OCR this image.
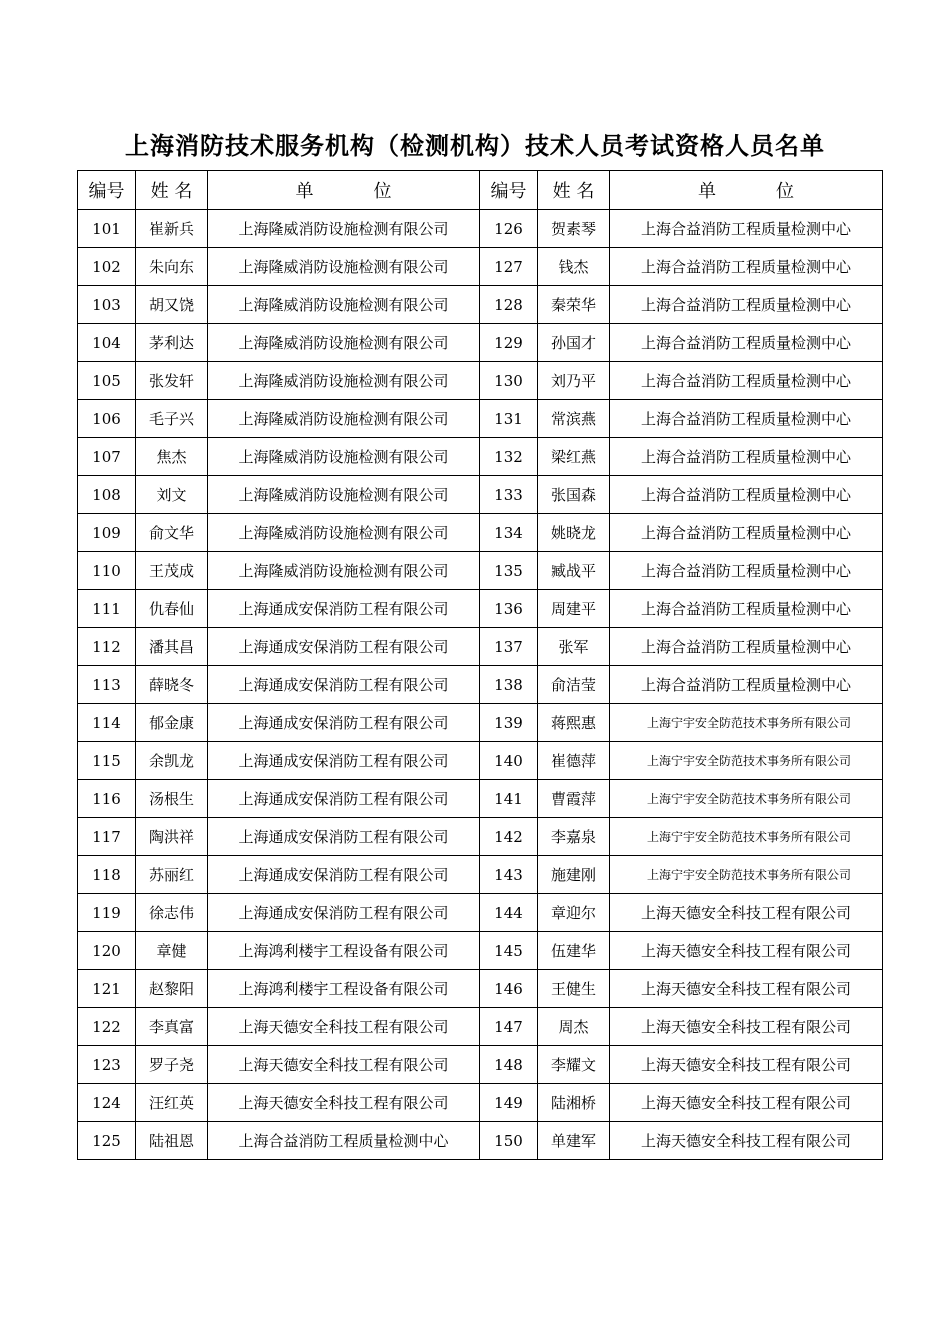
上海消防技术服务机构（检测机构）技术人员考试资格人员名单
编号	姓 名	单 位	编号	姓 名	单 位
101	崔新兵	上海隆威消防设施检测有限公司	126	贺素琴	上海合益消防工程质量检测中心
102	朱向东	上海隆威消防设施检测有限公司	127	钱杰	上海合益消防工程质量检测中心
103	胡又饶	上海隆威消防设施检测有限公司	128	秦荣华	上海合益消防工程质量检测中心
104	茅利达	上海隆威消防设施检测有限公司	129	孙国才	上海合益消防工程质量检测中心
105	张发轩	上海隆威消防设施检测有限公司	130	刘乃平	上海合益消防工程质量检测中心
106	毛子兴	上海隆威消防设施检测有限公司	131	常滨燕	上海合益消防工程质量检测中心
107	焦杰	上海隆威消防设施检测有限公司	132	梁红燕	上海合益消防工程质量检测中心
108	刘文	上海隆威消防设施检测有限公司	133	张国森	上海合益消防工程质量检测中心
109	俞文华	上海隆威消防设施检测有限公司	134	姚晓龙	上海合益消防工程质量检测中心
110	王茂成	上海隆威消防设施检测有限公司	135	臧战平	上海合益消防工程质量检测中心
111	仇春仙	上海通成安保消防工程有限公司	136	周建平	上海合益消防工程质量检测中心
112	潘其昌	上海通成安保消防工程有限公司	137	张军	上海合益消防工程质量检测中心
113	薛晓冬	上海通成安保消防工程有限公司	138	俞洁莹	上海合益消防工程质量检测中心
114	郁金康	上海通成安保消防工程有限公司	139	蒋熙惠	上海宁宇安全防范技术事务所有限公司
115	余凯龙	上海通成安保消防工程有限公司	140	崔德萍	上海宁宇安全防范技术事务所有限公司
116	汤根生	上海通成安保消防工程有限公司	141	曹霞萍	上海宁宇安全防范技术事务所有限公司
117	陶洪祥	上海通成安保消防工程有限公司	142	李嘉泉	上海宁宇安全防范技术事务所有限公司
118	苏丽红	上海通成安保消防工程有限公司	143	施建刚	上海宁宇安全防范技术事务所有限公司
119	徐志伟	上海通成安保消防工程有限公司	144	章迎尔	上海天德安全科技工程有限公司
120	章健	上海鸿利楼宇工程设备有限公司	145	伍建华	上海天德安全科技工程有限公司
121	赵黎阳	上海鸿利楼宇工程设备有限公司	146	王健生	上海天德安全科技工程有限公司
122	李真富	上海天德安全科技工程有限公司	147	周杰	上海天德安全科技工程有限公司
123	罗子尧	上海天德安全科技工程有限公司	148	李耀文	上海天德安全科技工程有限公司
124	汪红英	上海天德安全科技工程有限公司	149	陆湘桥	上海天德安全科技工程有限公司
125	陆祖恩	上海合益消防工程质量检测中心	150	单建军	上海天德安全科技工程有限公司
